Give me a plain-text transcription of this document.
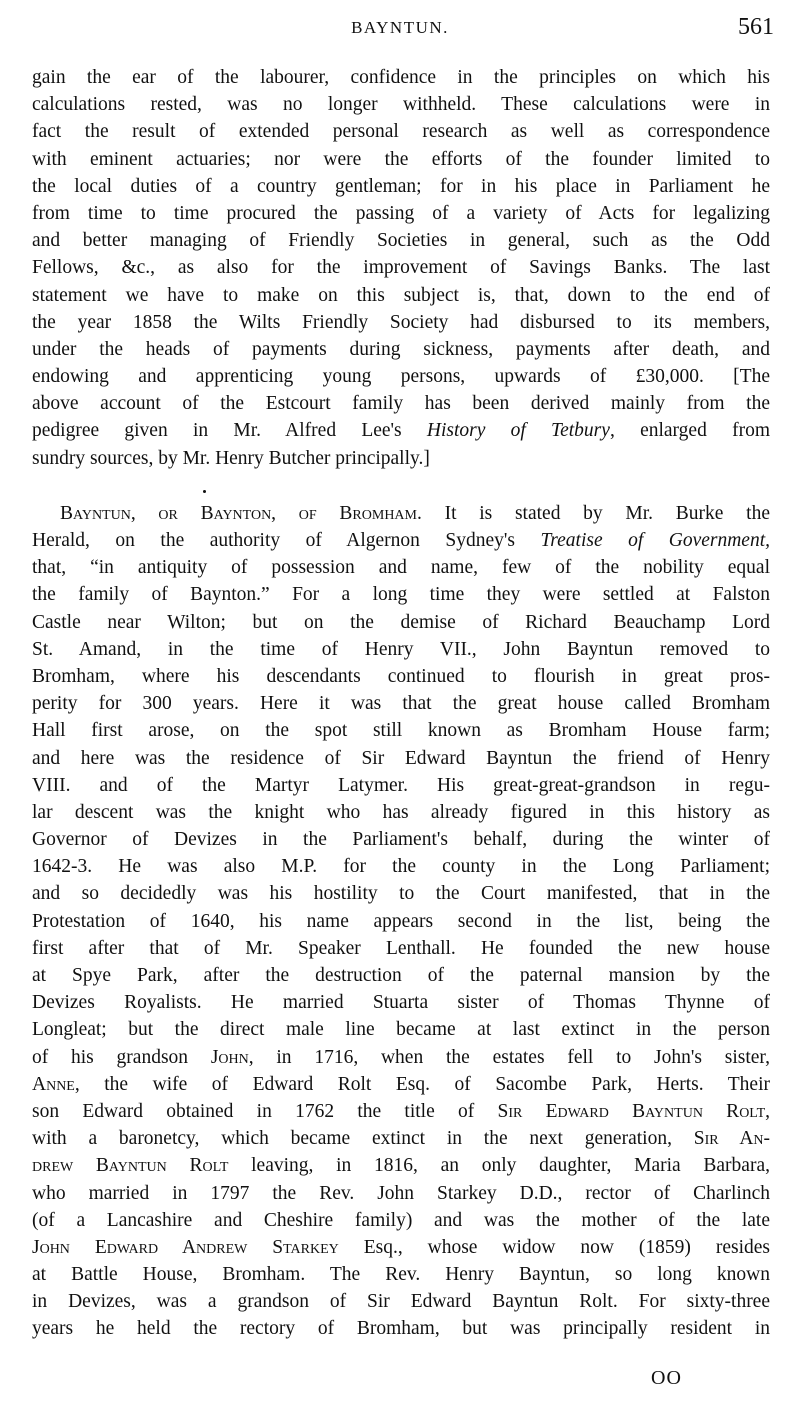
BAYNTUN.	561
gain the ear of the labourer, confidence in the principles on which his
calculations rested, was no longer withheld. These calculations were in
fact the result of extended personal research as well as correspondence
with eminent actuaries; nor were the efforts of the founder limited to
the local duties of a country gentleman; for in his place in Parliament he
from time to time procured the passing of a variety of Acts for legalizing
and better managing of Friendly Societies in general, such as the Odd
Fellows, &c., as also for the improvement of Savings Banks. The last
statement we have to make on this subject is, that, down to the end of
the year 1858 the Wilts Friendly Society had disbursed to its members,
under the heads of payments during sickness, payments after death, and
endowing and apprenticing young persons, upwards of £30,000. [The
above account of the Estcourt family has been derived mainly from the
pedigree given in Mr. Alfred Lee's History of Tetbury, enlarged from
sundry sources, by Mr. Henry Butcher principally.]
Bayntun, or Baynton, of Bromham. It is stated by Mr. Burke the
Herald, on the authority of Algernon Sydney's Treatise of Government,
that, “in antiquity of possession and name, few of the nobility equal
the family of Baynton.” For a long time they were settled at Falston
Castle near Wilton; but on the demise of Richard Beauchamp Lord
St. Amand, in the time of Henry VII., John Bayntun removed to
Bromham, where his descendants continued to flourish in great pros-
perity for 300 years. Here it was that the great house called Bromham
Hall first arose, on the spot still known as Bromham House farm;
and here was the residence of Sir Edward Bayntun the friend of Henry
VIII. and of the Martyr Latymer. His great-great-grandson in regu-
lar descent was the knight who has already figured in this history as
Governor of Devizes in the Parliament's behalf, during the winter of
1642-3. He was also M.P. for the county in the Long Parliament;
and so decidedly was his hostility to the Court manifested, that in the
Protestation of 1640, his name appears second in the list, being the
first after that of Mr. Speaker Lenthall. He founded the new house
at Spye Park, after the destruction of the paternal mansion by the
Devizes Royalists. He married Stuarta sister of Thomas Thynne of
Longleat; but the direct male line became at last extinct in the person
of his grandson John, in 1716, when the estates fell to John's sister,
Anne, the wife of Edward Rolt Esq. of Sacombe Park, Herts. Their
son Edward obtained in 1762 the title of Sir Edward Bayntun Rolt,
with a baronetcy, which became extinct in the next generation, Sir An-
drew Bayntun Rolt leaving, in 1816, an only daughter, Maria Barbara,
who married in 1797 the Rev. John Starkey D.D., rector of Charlinch
(of a Lancashire and Cheshire family) and was the mother of the late
John Edward Andrew Starkey Esq., whose widow now (1859) resides
at Battle House, Bromham. The Rev. Henry Bayntun, so long known
in Devizes, was a grandson of Sir Edward Bayntun Rolt. For sixty-three
years he held the rectory of Bromham, but was principally resident in
OO
